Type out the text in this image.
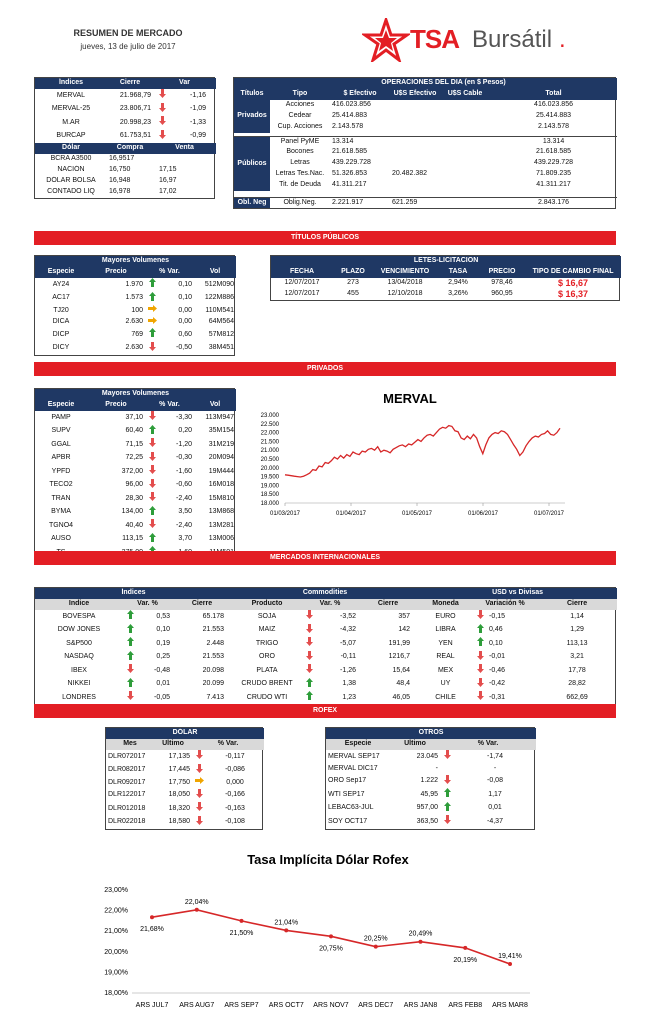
RESUMEN DE MERCADO
jueves, 13 de julio de 2017	TSA Bursátil .
Índices	Cierre	Var	
MERVAL	21.968,79		-1,16
MERVAL-25	23.806,71		-1,09
M.AR	20.998,23		-1,33
BURCAP	61.753,51		-0,99
Dólar	Compra	Venta	
BCRA A3500	16,9517		
NACIÓN	16,750	17,15	
DÓLAR BOLSA	16,948	16,97	
CONTADO LIQ	16,978	17,02	
	OPERACIONES DEL DIA (en $ Pesos)				
Títulos	Tipo	$ Efectivo	U$S Efectivo	U$S Cable	Total
Privados	Acciones	416.023.856			416.023.856
	Cedear	25.414.883			25.414.883
	Cup. Acciones	2.143.578			2.143.578

Públicos	Panel PyME	13.314			13.314
	Bocones	21.618.585			21.618.585
	Letras	439.229.728			439.229.728
	Letras Tes.Nac.	51.326.853	20.482.382		71.809.235
	Tit. de Deuda	41.311.217			41.311.217

Obl. Neg	Oblig.Neg.	2.221.917	621.259		2.843.176
TÍTULOS PÚBLICOS
Mayores Volumenes				
Especie	Precio	% Var.		Vol
AY24	1.970		0,10	512M090
AC17	1.573		0,10	122M886
TJ20	100		0,00	110M541
DICA	2.630		0,00	64M564
DICP	769		0,60	57M812
DICY	2.630		-0,50	38M451
LETES-LICITACION					
FECHA	PLAZO	VENCIMIENTO	TASA	PRECIO	TIPO DE CAMBIO FINAL
12/07/2017	273	13/04/2018	2,94%	978,46	$ 16,67
12/07/2017	455	12/10/2018	3,26%	960,95	$ 16,37
PRIVADOS
Mayores Volumenes				
Especie	Precio	% Var.		Vol
PAMP	37,10		-3,30	113M947
SUPV	60,40		0,20	35M154
GGAL	71,15		-1,20	31M219
APBR	72,25		-0,30	20M094
YPFD	372,00		-1,60	19M444
TECO2	96,00		-0,60	16M018
TRAN	28,30		-2,40	15M810
BYMA	134,00		3,50	13M868
TGNO4	40,40		-2,40	13M281
AUSO	113,15		3,70	13M006

MERVAL
18.000
18.500
19.000
19.500
20.000
20.500
21.000
21.500
22.000
22.500
23.000
01/03/2017	01/04/2017	01/05/2017	01/06/2017	01/07/2017
MERCADOS INTERNACIONALES
Índices				Commodities				USD vs Divisas			
Indice	Var. %		Cierre	Producto	Var. %		Cierre	Moneda	Variación %		Cierre
BOVESPA		0,53	65.178	SOJA		-3,52	357	EURO		-0,15	1,14
DOW JONES		0,10	21.553	MAIZ		-4,32	142	LIBRA		0,46	1,29
S&P500		0,19	2.448	TRIGO		-5,07	191,99	YEN		0,10	113,13
NASDAQ		0,25	21.553	ORO		-0,11	1216,7	REAL		-0,01	3,21
IBEX		-0,48	20.098	PLATA		-1,26	15,64	MEX		-0,46	17,78
NIKKEI		0,01	20.099	CRUDO BRENT		1,38	48,4	UY		-0,42	28,82
LONDRES		-0,05	7.413	CRUDO WTI		1,23	46,05	CHILE		-0,31	662,69
ROFEX
DÓLAR			
Mes	Ultimo	% Var.	
DLR072017	17,135		-0,117
DLR082017	17,445		-0,086
DLR092017	17,750		0,000
DLR122017	18,050		-0,166
DLR012018	18,320		-0,163
DLR022018	18,580		-0,108
OTROS			
Especie	Ultimo	% Var.	
MERVAL SEP17	23.045		-1,74
MERVAL DIC17	-		-
ORO Sep17	1.222		-0,08
WTI SEP17	45,95		1,17
LEBAC63-JUL	957,00		0,01
SOY OCT17	363,50		-4,37
Tasa Implícita Dólar Rofex
18,00%
19,00%
20,00%
21,00%
22,00%
23,00%
ARS JUL7 ARS AUG7 ARS SEP7 ARS OCT7 ARS NOV7 ARS DEC7 ARS JAN8 ARS FEB8 ARS MAR8
21,68%
22,04%
21,50%
21,04%
20,75%
20,25%
20,49%
20,19%
19,41%
